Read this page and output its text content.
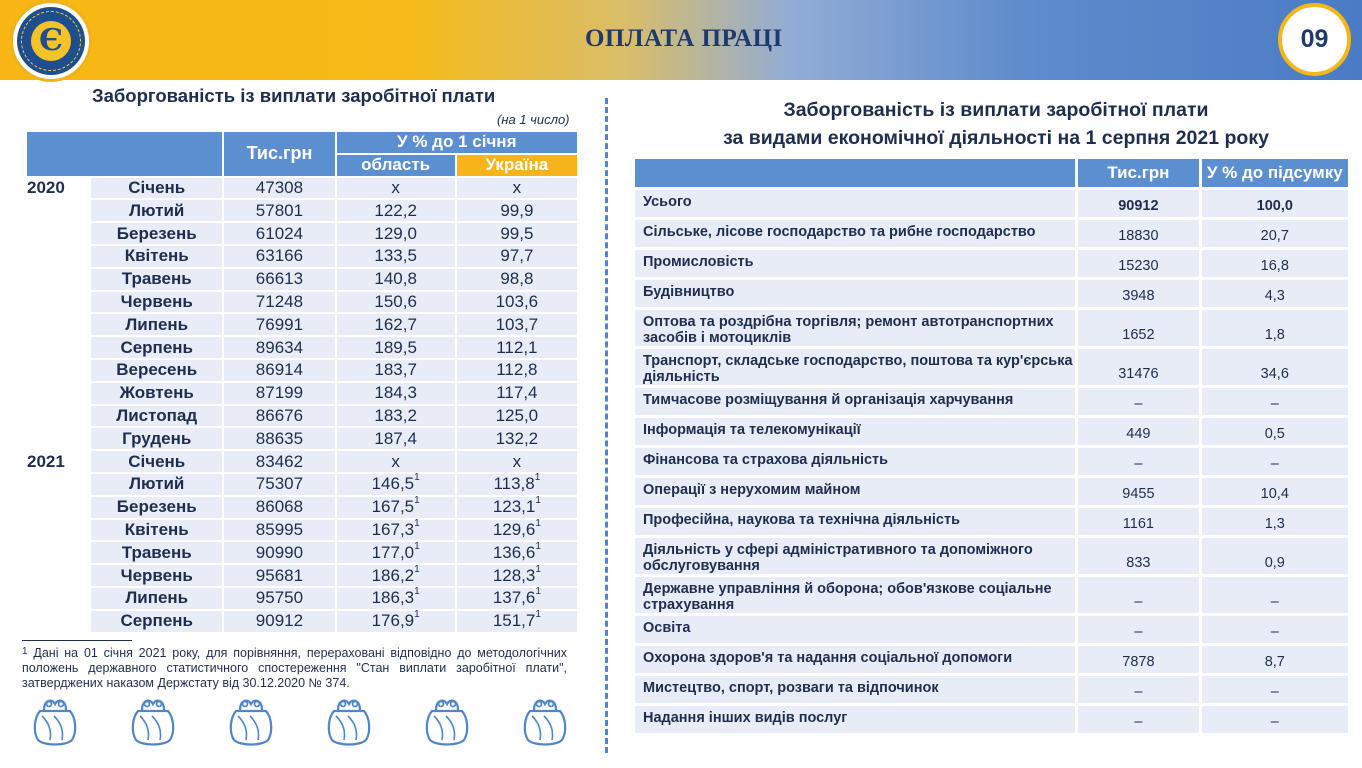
Є	ОПЛАТА ПРАЦІ	09
Заборгованість із виплати заробітної плати
(на 1 число)
		Тис.грн	У % до 1 січня	
			область	Україна
2020	Січень	47308	х	х
	Лютий	57801	122,2	99,9
	Березень	61024	129,0	99,5
	Квітень	63166	133,5	97,7
	Травень	66613	140,8	98,8
	Червень	71248	150,6	103,6
	Липень	76991	162,7	103,7
	Серпень	89634	189,5	112,1
	Вересень	86914	183,7	112,8
	Жовтень	87199	184,3	117,4
	Листопад	86676	183,2	125,0
	Грудень	88635	187,4	132,2
2021	Січень	83462	х	х
	Лютий	75307	146,5$^1$	113,8$^1$
	Березень	86068	167,5$^1$	123,1$^1$
	Квітень	85995	167,3$^1$	129,6$^1$
	Травень	90990	177,0$^1$	136,6$^1$
	Червень	95681	186,2$^1$	128,3$^1$
	Липень	95750	186,3$^1$	137,6$^1$
	Серпень	90912	176,9$^1$	151,7$^1$
$^1$ Дані на 01 січня 2021 року, для порівняння, перераховані відповідно до методологічних положень державного статистичного спостереження "Стан виплати заробітної плати", затверджених наказом Держстату від 30.12.2020 № 374.
Заборгованість із виплати заробітної плати
за видами економічної діяльності на 1 серпня 2021 року
	Тис.грн	У % до підсумку
Усього	90912	100,0
Сільське, лісове господарство та рибне господарство	18830	20,7
Промисловість	15230	16,8
Будівництво	3948	4,3
Оптова та роздрібна торгівля; ремонт автотранспортних засобів і мотоциклів	1652	1,8
Транспорт, складське господарство, поштова та кур'єрська діяльність	31476	34,6
Тимчасове розміщування й організація харчування	–	–
Інформація та телекомунікації	449	0,5
Фінансова та страхова діяльність	–	–
Операції з нерухомим майном	9455	10,4
Професійна, наукова та технічна діяльність	1161	1,3
Діяльність у сфері адміністративного та допоміжного обслуговування	833	0,9
Державне управління й оборона; обов'язкове соціальне страхування	–	–
Освіта	–	–
Охорона здоров'я та надання соціальної допомоги	7878	8,7
Мистецтво, спорт, розваги та відпочинок	–	–
Надання інших видів послуг	–	–
